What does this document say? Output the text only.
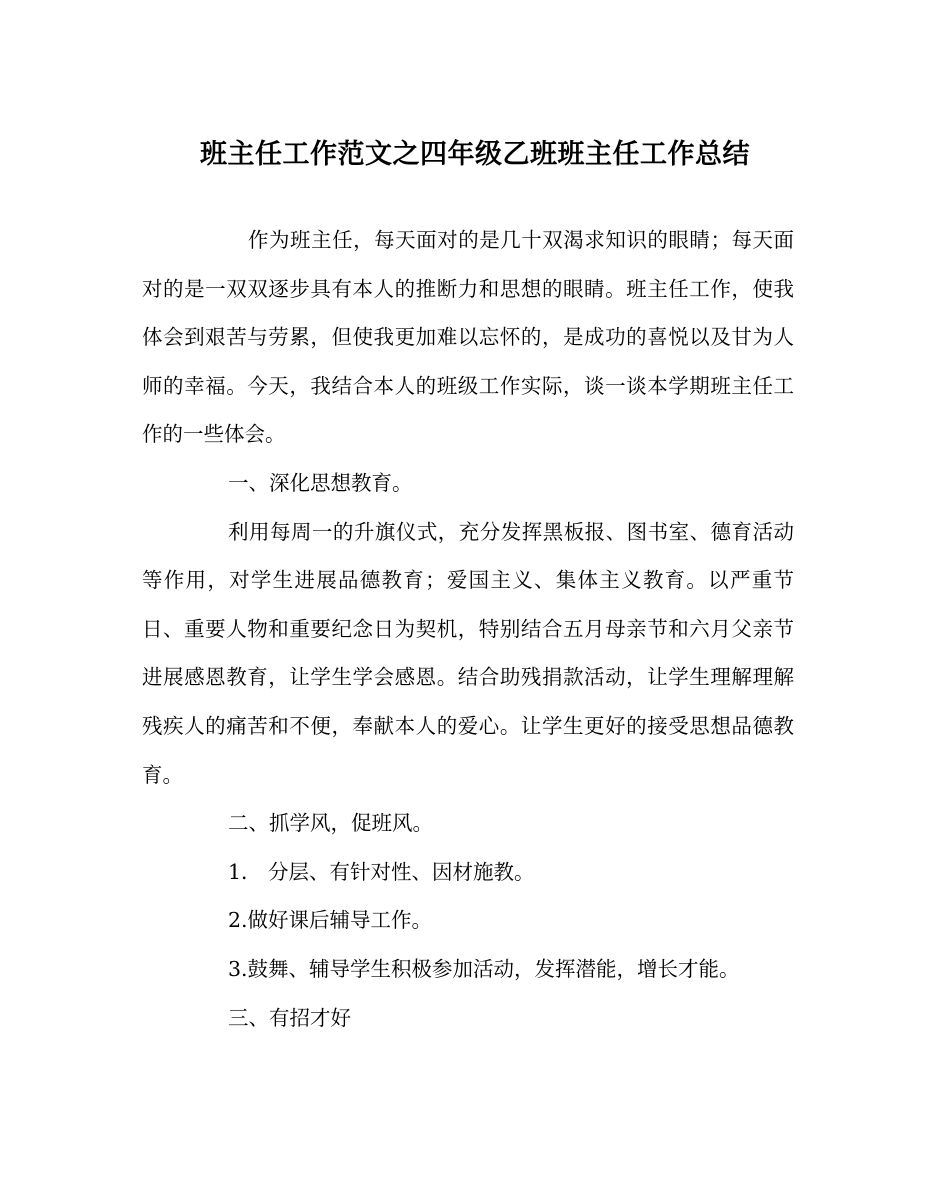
班主任工作范文之四年级乙班班主任工作总结

作为班主任，每天面对的是几十双渴求知识的眼睛；每天面对的是一双双逐步具有本人的推断力和思想的眼睛。班主任工作，使我体会到艰苦与劳累，但使我更加难以忘怀的，是成功的喜悦以及甘为人师的幸福。今天，我结合本人的班级工作实际，谈一谈本学期班主任工作的一些体会。

一、深化思想教育。

利用每周一的升旗仪式，充分发挥黑板报、图书室、德育活动等作用，对学生进展品德教育；爱国主义、集体主义教育。以严重节日、重要人物和重要纪念日为契机，特别结合五月母亲节和六月父亲节进展感恩教育，让学生学会感恩。结合助残捐款活动，让学生理解理解残疾人的痛苦和不便，奉献本人的爱心。让学生更好的接受思想品德教育。

二、抓学风，促班风。

1． 分层、有针对性、因材施教。

2.做好课后辅导工作。

3.鼓舞、辅导学生积极参加活动，发挥潜能，增长才能。

三、有招才好
